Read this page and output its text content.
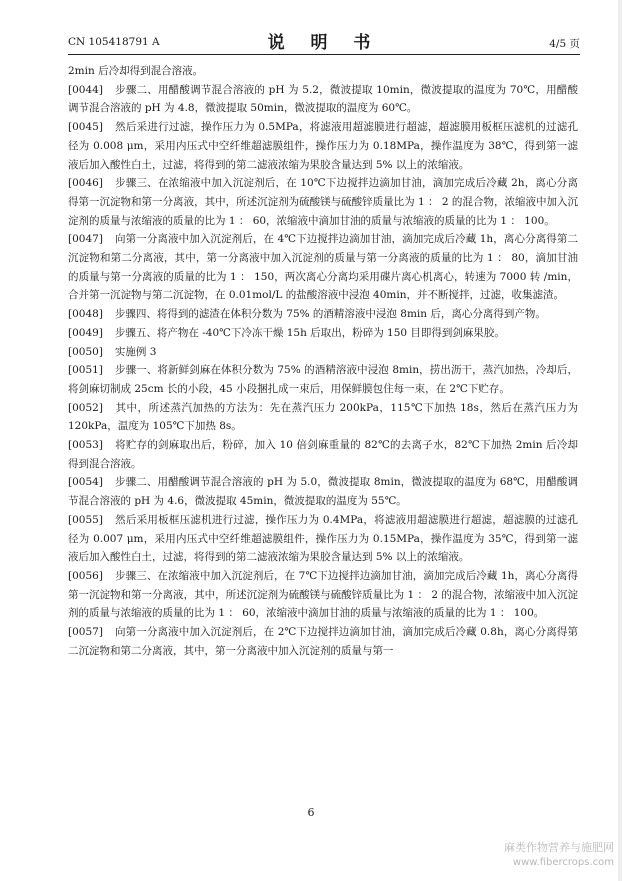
CN 105418791 A	说 明 书	4/5 页

2min 后冷却得到混合溶液。

[0044] 步骤二、用醋酸调节混合溶液的 pH 为 5.2，微波提取 10min，微波提取的温度为 70℃，用醋酸调节混合溶液的 pH 为 4.8，微波提取 50min，微波提取的温度为 60℃。

[0045] 然后采进行过滤，操作压力为 0.5MPa，将滤液用超滤膜进行超滤，超滤膜用板框压滤机的过滤孔径为 0.008 μm，采用内压式中空纤维超滤膜组件，操作压力为 0.18MPa，操作温度为 38℃，得到第一滤液后加入酸性白土，过滤，将得到的第二滤液浓缩为果胶含量达到 5% 以上的浓缩液。

[0046] 步骤三、在浓缩液中加入沉淀剂后，在 10℃下边搅拌边滴加甘油，滴加完成后冷藏 2h，离心分离得第一沉淀物和第一分离液，其中，所述沉淀剂为硫酸镁与硫酸锌质量比为 1 ： 2 的混合物，浓缩液中加入沉淀剂的质量与浓缩液的质量的比为 1 ： 60，浓缩液中滴加甘油的质量与浓缩液的质量的比为 1 ： 100。

[0047] 向第一分离液中加入沉淀剂后，在 4℃下边搅拌边滴加甘油，滴加完成后冷藏 1h，离心分离得第二沉淀物和第二分离液，其中，第一分离液中加入沉淀剂的质量与第一分离液的质量的比为 1 ： 80，滴加甘油的质量与第一分离液的质量的比为 1 ： 150，两次离心分离均采用碟片离心机离心，转速为 7000 转 /min，合并第一沉淀物与第二沉淀物，在 0.01mol/L 的盐酸溶液中浸泡 40min，并不断搅拌，过滤，收集滤渣。

[0048] 步骤四、将得到的滤渣在体积分数为 75% 的酒精溶液中浸泡 8min 后，离心分离得到产物。

[0049] 步骤五、将产物在 -40℃下冷冻干燥 15h 后取出，粉碎为 150 目即得到剑麻果胶。

[0050] 实施例 3

[0051] 步骤一、将新鲜剑麻在体积分数为 75% 的酒精溶液中浸泡 8min，捞出沥干，蒸汽加热，冷却后，将剑麻切制成 25cm 长的小段，45 小段捆扎成一束后，用保鲜膜包住每一束，在 2℃下贮存。

[0052] 其中，所述蒸汽加热的方法为：先在蒸汽压力 200kPa，115℃下加热 18s，然后在蒸汽压力为 120kPa，温度为 105℃下加热 8s。

[0053] 将贮存的剑麻取出后，粉碎，加入 10 倍剑麻重量的 82℃的去离子水，82℃下加热 2min 后冷却得到混合溶液。

[0054] 步骤二、用醋酸调节混合溶液的 pH 为 5.0，微波提取 8min，微波提取的温度为 68℃，用醋酸调节混合溶液的 pH 为 4.6，微波提取 45min，微波提取的温度为 55℃。

[0055] 然后采用板框压滤机进行过滤，操作压力为 0.4MPa，将滤液用超滤膜进行超滤，超滤膜的过滤孔径为 0.007 μm，采用内压式中空纤维超滤膜组件，操作压力为 0.15MPa，操作温度为 35℃，得到第一滤液后加入酸性白土，过滤，将得到的第二滤液浓缩为果胶含量达到 5% 以上的浓缩液。

[0056] 步骤三、在浓缩液中加入沉淀剂后，在 7℃下边搅拌边滴加甘油，滴加完成后冷藏 1h，离心分离得第一沉淀物和第一分离液，其中，所述沉淀剂为硫酸镁与硫酸锌质量比为 1 ： 2 的混合物，浓缩液中加入沉淀剂的质量与浓缩液的质量的比为 1 ： 60，浓缩液中滴加甘油的质量与浓缩液的质量的比为 1 ： 100。

[0057] 向第一分离液中加入沉淀剂后，在 2℃下边搅拌边滴加甘油，滴加完成后冷藏 0.8h，离心分离得第二沉淀物和第二分离液，其中，第一分离液中加入沉淀剂的质量与第一

6
麻类作物营养与施肥网
www.fibercrops.com
